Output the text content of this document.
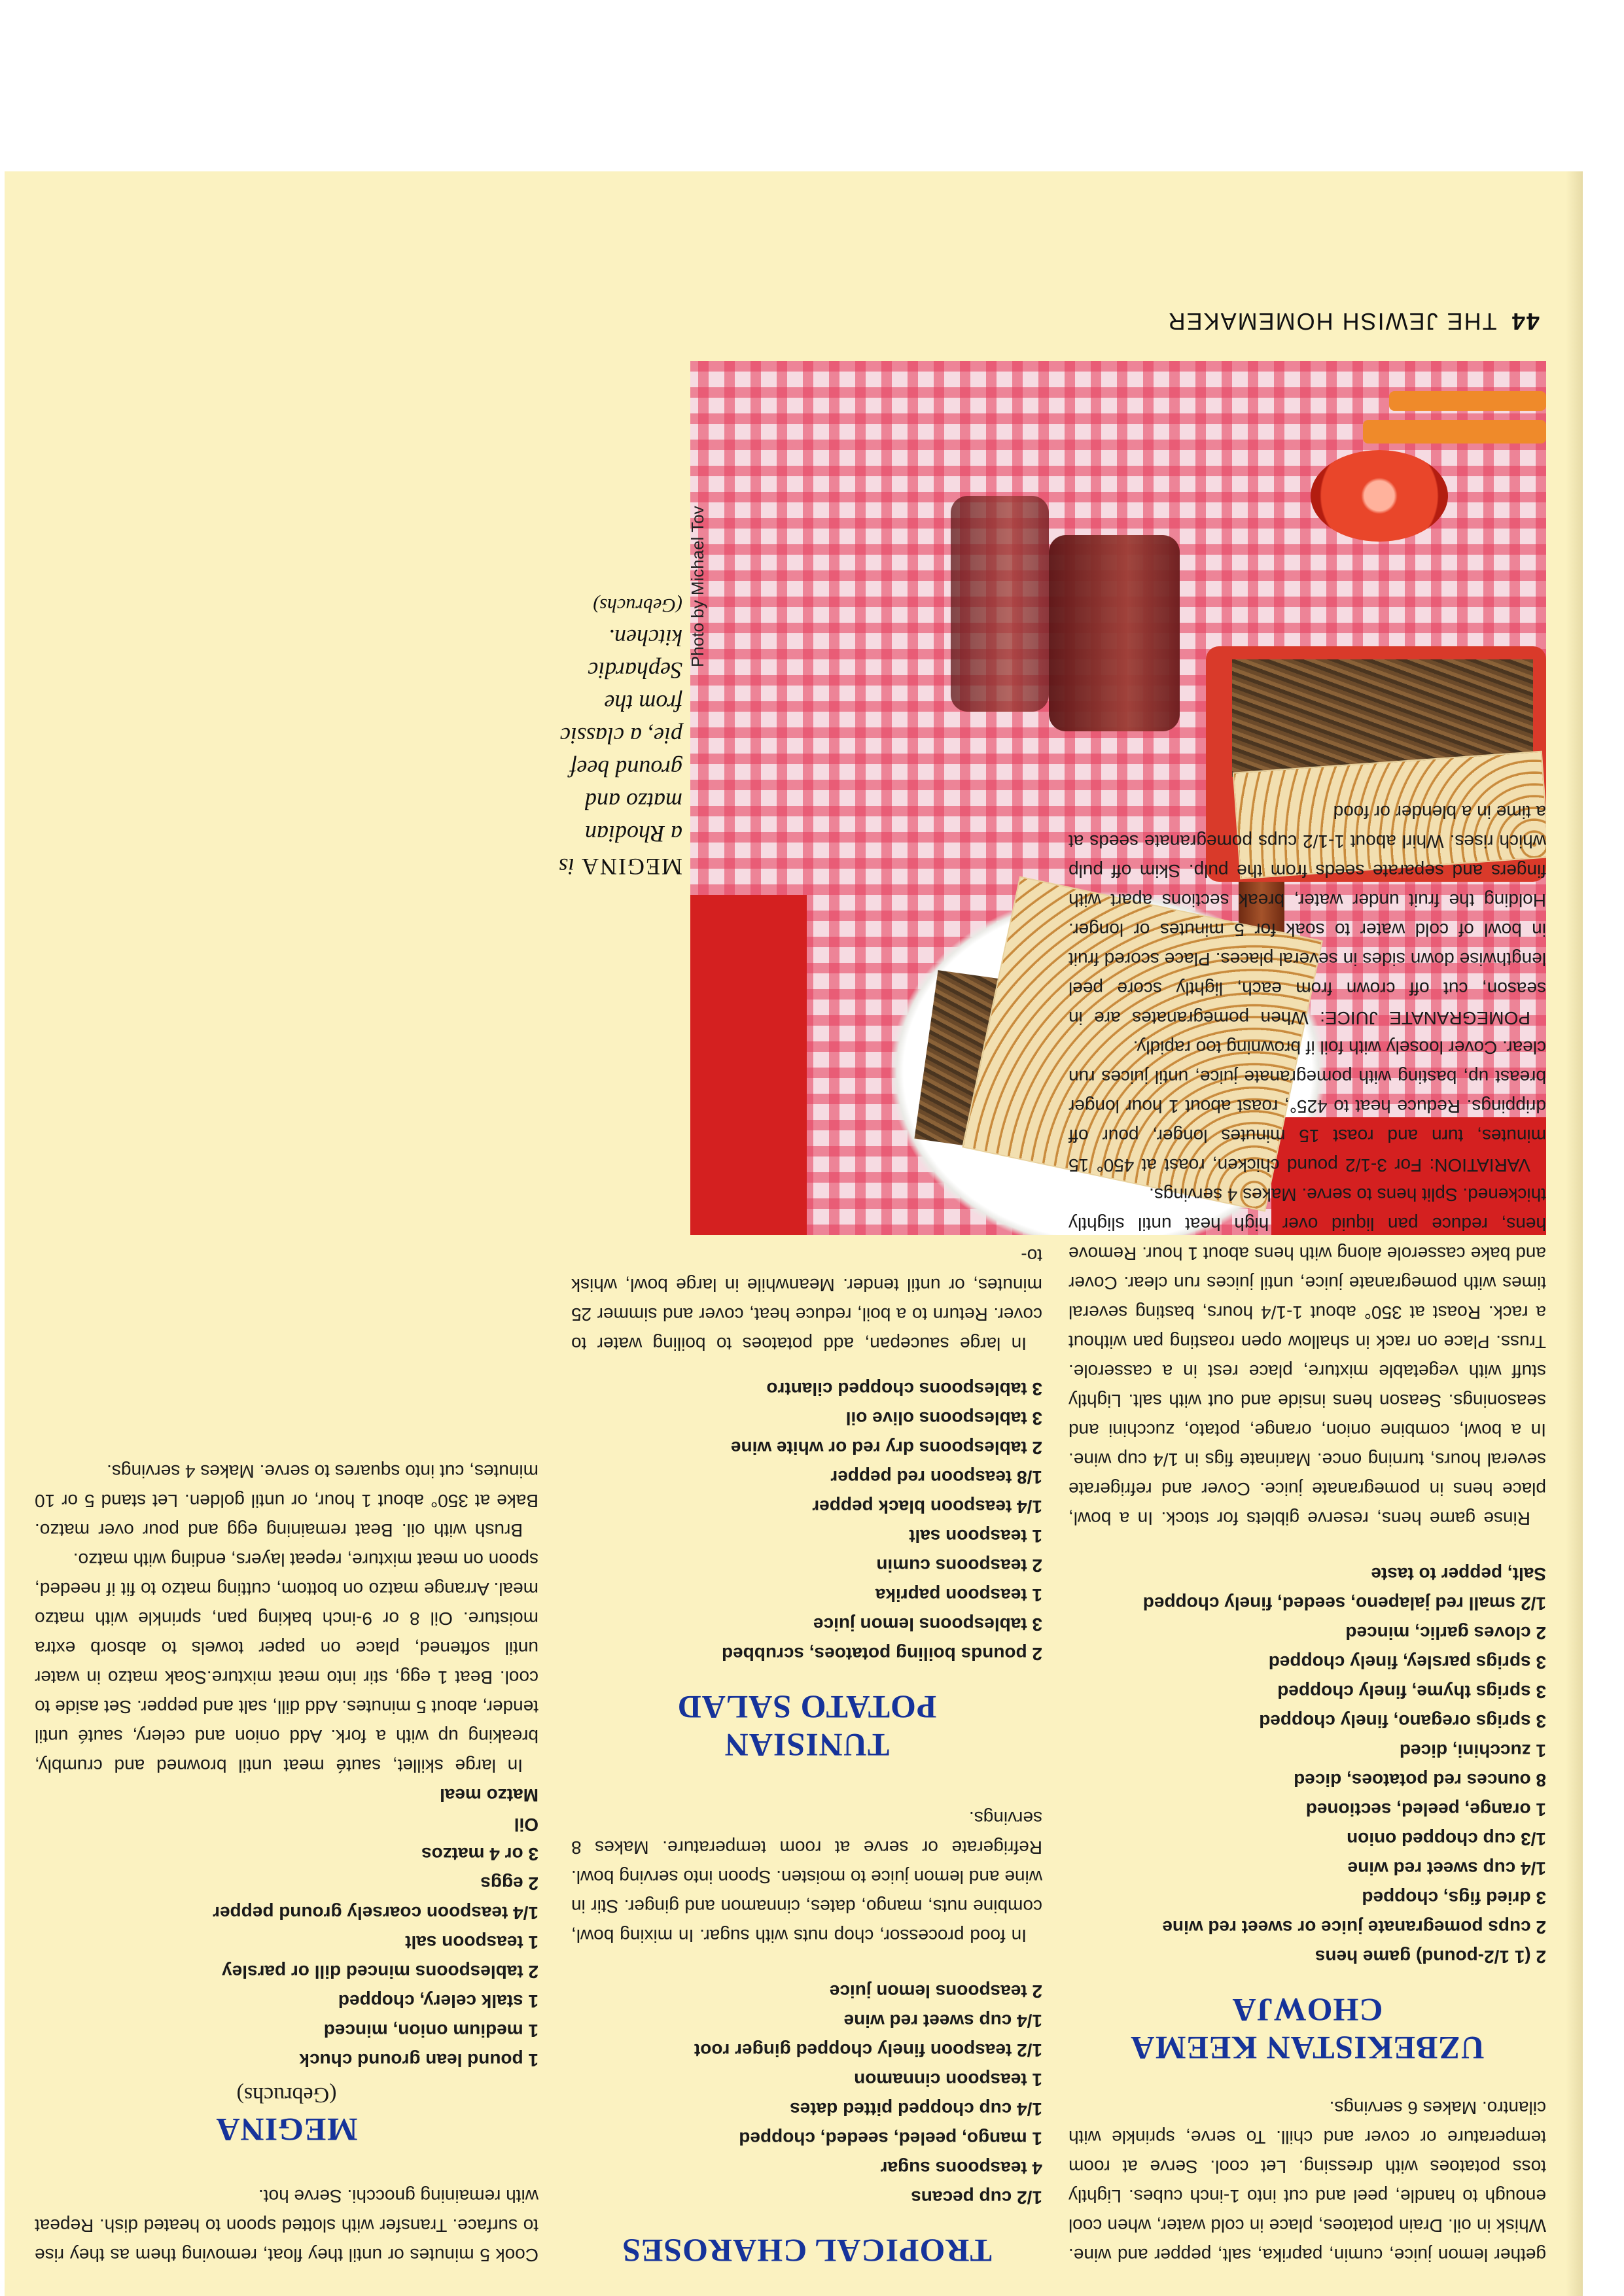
44 THE JEWISH HOMEMAKER
Photo by Michael Tov
MEGINA is a Rhodian matzo and ground beef pie, a classic from the Sephardic kitchen.
(Gebruchs)

Cook 5 minutes or until they float, removing them as they rise to surface. Transfer with slotted spoon to heated dish. Repeat with remaining gnocchi. Serve hot.

MEGINA
(Gebruchs)
1 pound lean ground chuck
1 medium onion, minced
1 stalk celery, chopped
2 tablespoons minced dill or parsley
1 teaspoon salt
1/4 teaspoon coarsely ground pepper
2 eggs
3 or 4 matzos
Oil
Matzo meal

In large skillet, sauté meat until browned and crumbly, breaking up with a fork. Add onion and celery, sauté until tender, about 5 minutes. Add dill, salt and pepper. Set aside to cool. Beat 1 egg, stir into meat mixture.Soak matzo in water until softened, place on paper towels to absorb extra moisture. Oil 8 or 9-inch baking pan, sprinkle with matzo meal. Arrange matzo on bottom, cutting matzo to fit if needed, spoon on meat mixture, repeat layers, ending with matzo.

Brush with oil. Beat remaining egg and pour over matzo. Bake at 350° about 1 hour, or until golden. Let stand 5 or 10 minutes, cut into squares to serve. Makes 4 servings.

TROPICAL CHAROSES
1/2 cup pecans
4 teaspoons sugar
1 mango, peeled, seeded, chopped
1/4 cup chopped pitted dates
1 teaspoon cinnamon
1/2 teaspoon finely chopped ginger root
1/4 cup sweet red wine
2 teaspoons lemon juice

In food processor, chop nuts with sugar. In mixing bowl, combine nuts, mango, dates, cinnamon and ginger. Stir in wine and lemon juice to moisten. Spoon into serving bowl. Refrigerate or serve at room temperature. Makes 8 servings.

TUNISIAN POTATO SALAD
2 pounds boiling potatoes, scrubbed
3 tablespoons lemon juice
1 teaspoon paprika
2 teaspoons cumin
1 teaspoon salt
1/4 teaspoon black pepper
1/8 teaspoon red pepper
2 tablespoons dry red or white wine
3 tablespoons olive oil
3 tablespoons chopped cilantro

In large saucepan, add potatoes to boiling water to cover. Return to a boil, reduce heat, cover and simmer 25 minutes, or until tender. Meanwhile in large bowl, whisk to-

gether lemon juice, cumin, paprika, salt, pepper and wine. Whisk in oil. Drain potatoes, place in cold water, when cool enough to handle, peel and cut into 1-inch cubes. Lightly toss potatoes with dressing. Let cool. Serve at room temperature or cover and chill. To serve, sprinkle with cilantro. Makes 6 servings.

UZBEKISTAN KEEMA CHOWJA
2 (1 1/2-pound) game hens
2 cups pomegranate juice or sweet red wine
3 dried figs, chopped
1/4 cup sweet red wine
1/3 cup chopped onion
1 orange, peeled, sectioned
8 ounces red potatoes, diced
1 zucchini, diced
3 sprigs oregano, finely chopped
3 sprigs thyme, finely chopped
3 sprigs parsley, finely chopped
2 cloves garlic, minced
1/2 small red jalapeno, seeded, finely chopped
Salt, pepper to taste

Rinse game hens, reserve giblets for stock. In a bowl, place hens in pomegranate juice. Cover and refrigerate several hours, turning once. Marinate figs in 1/4 cup wine. In a bowl, combine onion, orange, potato, zucchini and seasonings. Season hens inside and out with salt. Lightly stuff with vegetable mixture, place rest in a casserole. Truss. Place on rack in shallow open roasting pan without a rack. Roast at 350° about 1-1/4 hours, basting several times with pomegranate juice, until juices run clear. Cover and bake casserole along with hens about 1 hour. Remove hens, reduce pan liquid over high heat until slightly thickened. Split hens to serve. Makes 4 servings.

VARIATION: For 3-1/2 pound chicken, roast at 450° 15 minutes, turn and roast 15 minutes longer, pour off drippings. Reduce heat to 425°, roast about 1 hour longer breast up, basting with pomegranate juice, until juices run clear. Cover loosely with foil if browning too rapidly.

POMEGRANATE JUICE: When pomegranates are in season, cut off crown from each, lightly score peel lengthwise down sides in several places. Place scored fruit in bowl of cold water to soak for 5 minutes or longer. Holding the fruit under water, break sections apart with fingers and separate seeds from the pulp. Skim off pulp which rises. Whirl about 1-1/2 cups pomegranate seeds at a time in a blender or food
